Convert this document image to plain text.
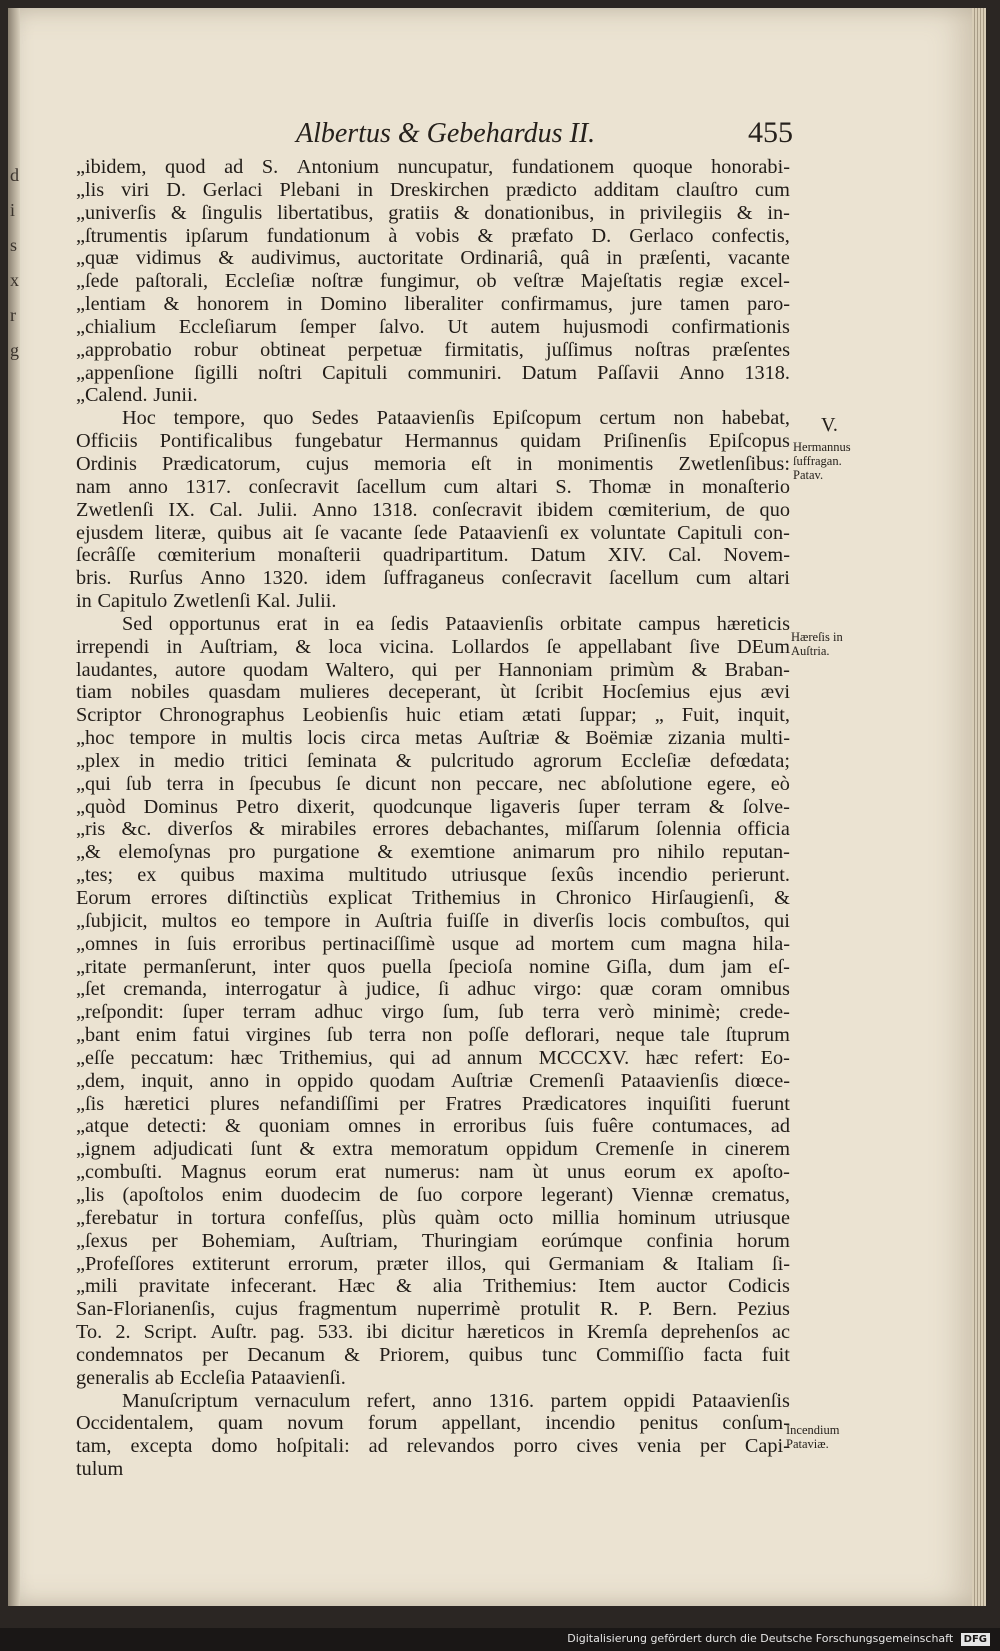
d
i
s
x
r
g
Albertus & Gebehardus II.	455
„ibidem, quod ad S. Antonium nuncupatur, fundationem quoque honorabi-
„lis viri D. Gerlaci Plebani in Dreskirchen prædicto additam clauſtro cum
„univerſis & ſingulis libertatibus, gratiis & donationibus, in privilegiis & in-
„ſtrumentis ipſarum fundationum à vobis & præfato D. Gerlaco confectis,
„quæ vidimus & audivimus, auctoritate Ordinariâ, quâ in præſenti, vacante
„ſede paſtorali, Eccleſiæ noſtræ fungimur, ob veſtræ Majeſtatis regiæ excel-
„lentiam & honorem in Domino liberaliter confirmamus, jure tamen paro-
„chialium Eccleſiarum ſemper ſalvo. Ut autem hujusmodi confirmationis
„approbatio robur obtineat perpetuæ firmitatis, juſſimus noſtras præſentes
„appenſione ſigilli noſtri Capituli communiri. Datum Paſſavii Anno 1318.
„Calend. Junii.
Hoc tempore, quo Sedes Pataavienſis Epiſcopum certum non habebat,
Officiis Pontificalibus fungebatur Hermannus quidam Priſinenſis Epiſcopus
Ordinis Prædicatorum, cujus memoria eſt in monimentis Zwetlenſibus:
nam anno 1317. conſecravit ſacellum cum altari S. Thomæ in monaſterio
Zwetlenſi IX. Cal. Julii. Anno 1318. conſecravit ibidem cœmiterium, de quo
ejusdem literæ, quibus ait ſe vacante ſede Pataavienſi ex voluntate Capituli con-
ſecrâſſe cœmiterium monaſterii quadripartitum. Datum XIV. Cal. Novem-
bris. Rurſus Anno 1320. idem ſuffraganeus conſecravit ſacellum cum altari
in Capitulo Zwetlenſi Kal. Julii.
Sed opportunus erat in ea ſedis Pataavienſis orbitate campus hæreticis
irrependi in Auſtriam, & loca vicina. Lollardos ſe appellabant ſive DEum
laudantes, autore quodam Waltero, qui per Hannoniam primùm & Braban-
tiam nobiles quasdam mulieres deceperant, ùt ſcribit Hocſemius ejus ævi
Scriptor Chronographus Leobienſis huic etiam ætati ſuppar; „ Fuit, inquit,
„hoc tempore in multis locis circa metas Auſtriæ & Boëmiæ zizania multi-
„plex in medio tritici ſeminata & pulcritudo agrorum Eccleſiæ defœdata;
„qui ſub terra in ſpecubus ſe dicunt non peccare, nec abſolutione egere, eò
„quòd Dominus Petro dixerit, quodcunque ligaveris ſuper terram & ſolve-
„ris &c. diverſos & mirabiles errores debachantes, miſſarum ſolennia officia
„& elemoſynas pro purgatione & exemtione animarum pro nihilo reputan-
„tes; ex quibus maxima multitudo utriusque ſexûs incendio perierunt.
Eorum errores diſtinctiùs explicat Trithemius in Chronico Hirſaugienſi, &
„ſubjicit, multos eo tempore in Auſtria fuiſſe in diverſis locis combuſtos, qui
„omnes in ſuis erroribus pertinaciſſimè usque ad mortem cum magna hila-
„ritate permanſerunt, inter quos puella ſpecioſa nomine Giſla, dum jam eſ-
„ſet cremanda, interrogatur à judice, ſi adhuc virgo: quæ coram omnibus
„reſpondit: ſuper terram adhuc virgo ſum, ſub terra verò minimè; crede-
„bant enim fatui virgines ſub terra non poſſe deflorari, neque tale ſtuprum
„eſſe peccatum: hæc Trithemius, qui ad annum MCCCXV. hæc refert: Eo-
„dem, inquit, anno in oppido quodam Auſtriæ Cremenſi Pataavienſis diœce-
„ſis hæretici plures nefandiſſimi per Fratres Prædicatores inquiſiti fuerunt
„atque detecti: & quoniam omnes in erroribus ſuis fuêre contumaces, ad
„ignem adjudicati ſunt & extra memoratum oppidum Cremenſe in cinerem
„combuſti. Magnus eorum erat numerus: nam ùt unus eorum ex apoſto-
„lis (apoſtolos enim duodecim de ſuo corpore legerant) Viennæ crematus,
„ferebatur in tortura confeſſus, plùs quàm octo millia hominum utriusque
„ſexus per Bohemiam, Auſtriam, Thuringiam eorúmque confinia horum
„Profeſſores extiterunt errorum, præter illos, qui Germaniam & Italiam ſi-
„mili pravitate infecerant. Hæc & alia Trithemius: Item auctor Codicis
San-Florianenſis, cujus fragmentum nuperrimè protulit R. P. Bern. Pezius
To. 2. Script. Auſtr. pag. 533. ibi dicitur hæreticos in Kremſa deprehenſos ac
condemnatos per Decanum & Priorem, quibus tunc Commiſſio facta fuit
generalis ab Eccleſia Pataavienſi.
Manuſcriptum vernaculum refert, anno 1316. partem oppidi Pataavienſis
Occidentalem, quam novum forum appellant, incendio penitus conſum-
tam, excepta domo hoſpitali: ad relevandos porro cives venia per Capi-
tulum
V.
Hermannus
ſuffragan.
Patav.
Hæreſis in
Auſtria.
Incendium
Pataviæ.
Digitalisierung gefördert durch die Deutsche Forschungsgemeinschaft DFG
